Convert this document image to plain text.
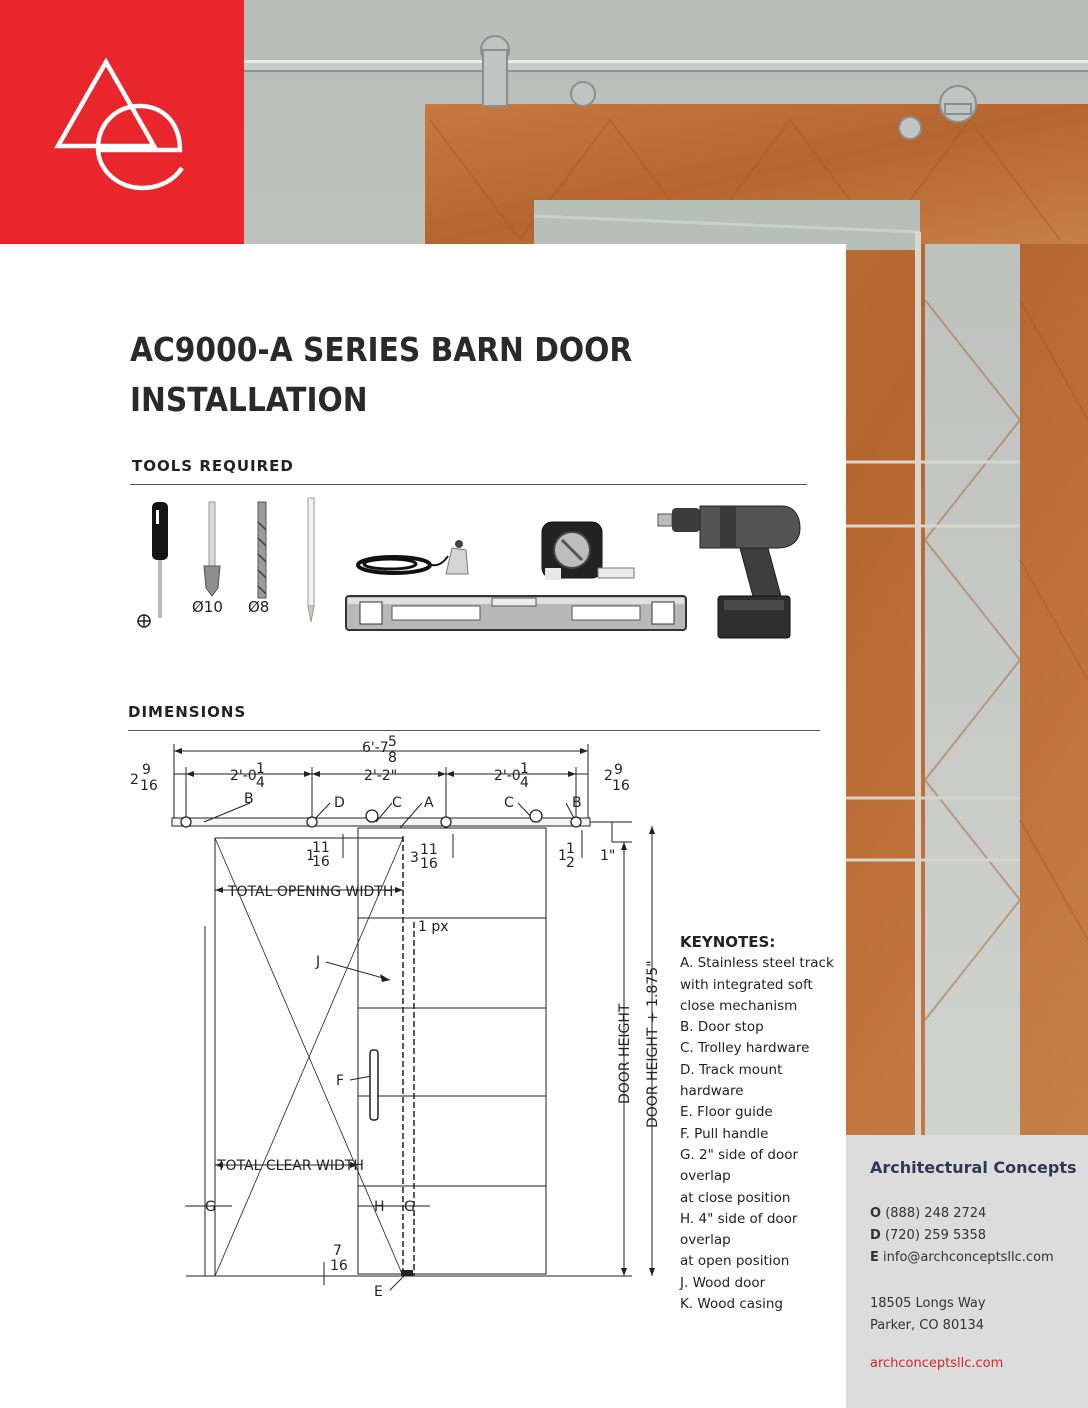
AC9000-A SERIES BARN DOOR
INSTALLATION
TOOLS REQUIRED
Ø10 Ø8
DIMENSIONS
6'-7 5
8
2
9
16
2'-0 1
4	2'-2"	2'-0 1
4	2 9
16
B	D	C A	C	B
1
11
16	3 11
16	1 1
2 1"
TOTAL OPENING WIDTH
1 px
J
F
TOTAL CLEAR WIDTH
G	H G
7
16
E
DOOR HEIGHT DOOR HEIGHT + 1.875"
KEYNOTES:
A. Stainless steel track
with integrated soft
close mechanism
B. Door stop
C. Trolley hardware
D. Track mount
hardware
E. Floor guide
F. Pull handle
G. 2" side of door overlap
at close position
H. 4" side of door overlap
at open position
J. Wood door
K. Wood casing
Architectural Concepts
O (888) 248 2724
D (720) 259 5358
E info@archconceptsllc.com
18505 Longs Way
Parker, CO 80134
archconceptsllc.com
